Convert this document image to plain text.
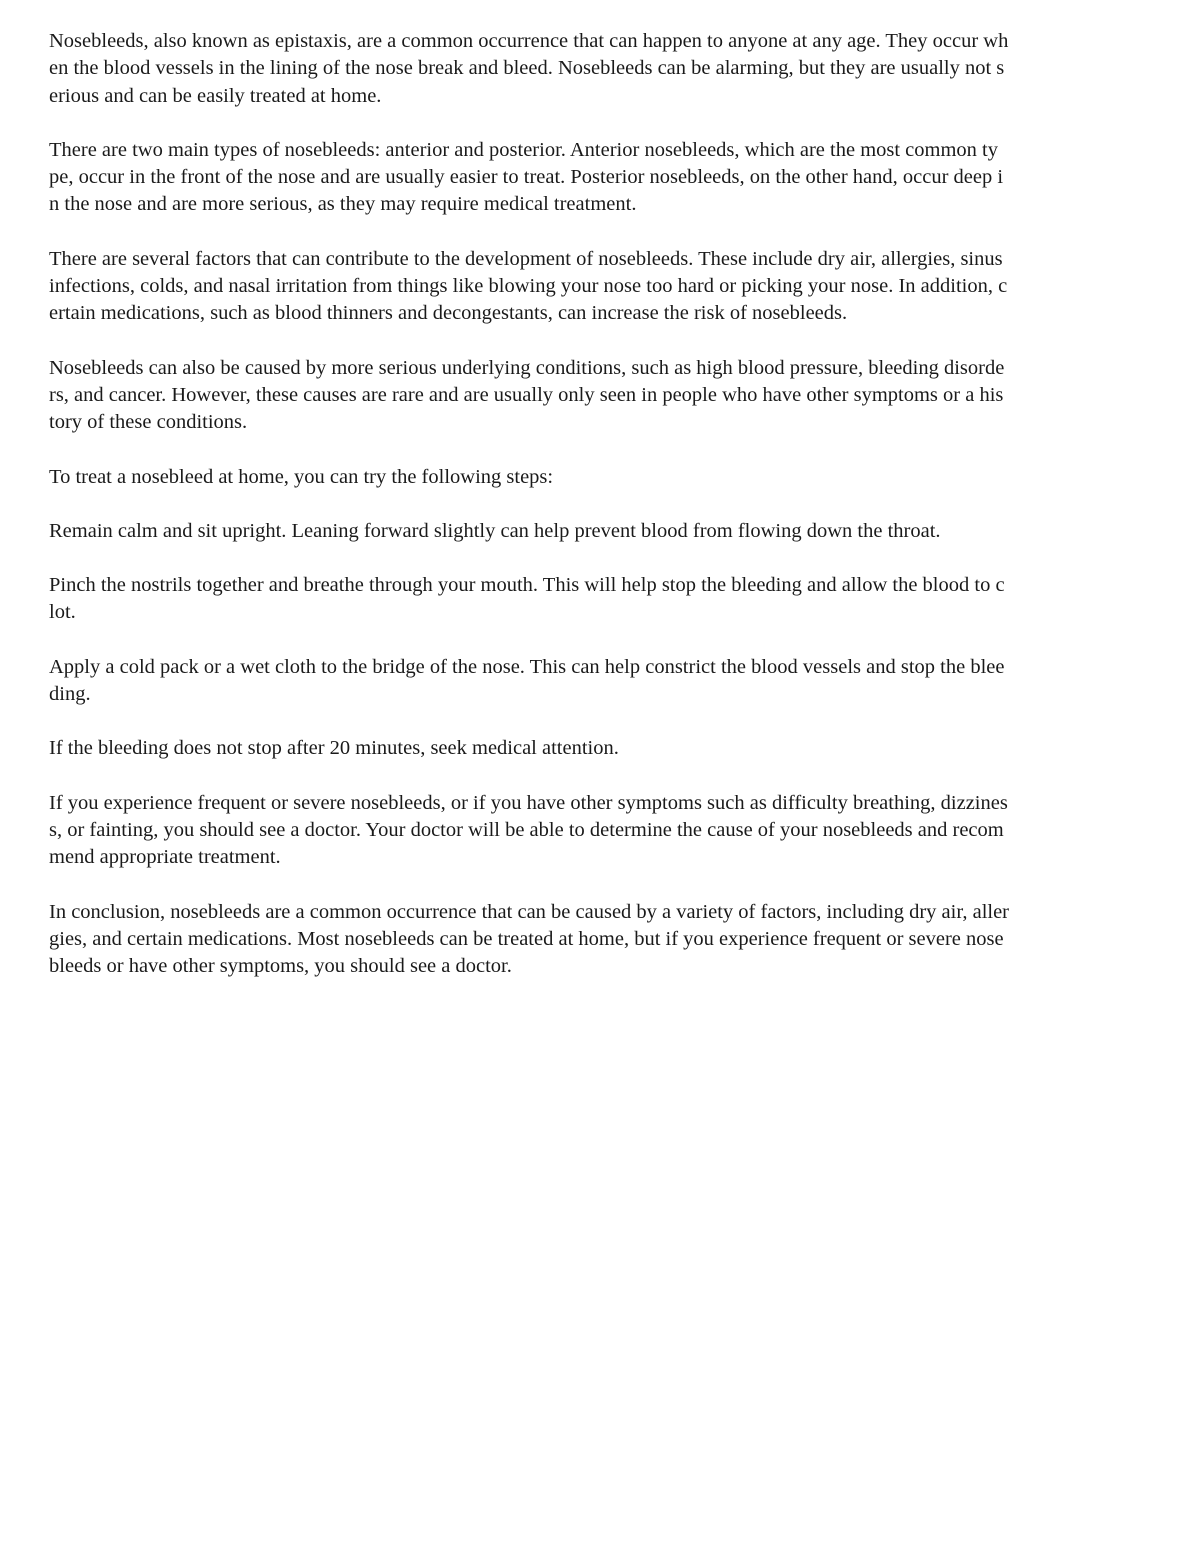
Nosebleeds, also known as epistaxis, are a common occurrence that can happen to anyone at any age. They occur wh
en the blood vessels in the lining of the nose break and bleed. Nosebleeds can be alarming, but they are usually not s
erious and can be easily treated at home.

There are two main types of nosebleeds: anterior and posterior. Anterior nosebleeds, which are the most common ty
pe, occur in the front of the nose and are usually easier to treat. Posterior nosebleeds, on the other hand, occur deep i
n the nose and are more serious, as they may require medical treatment.

There are several factors that can contribute to the development of nosebleeds. These include dry air, allergies, sinus
infections, colds, and nasal irritation from things like blowing your nose too hard or picking your nose. In addition, c
ertain medications, such as blood thinners and decongestants, can increase the risk of nosebleeds.

Nosebleeds can also be caused by more serious underlying conditions, such as high blood pressure, bleeding disorde
rs, and cancer. However, these causes are rare and are usually only seen in people who have other symptoms or a his
tory of these conditions.

To treat a nosebleed at home, you can try the following steps:

Remain calm and sit upright. Leaning forward slightly can help prevent blood from flowing down the throat.

Pinch the nostrils together and breathe through your mouth. This will help stop the bleeding and allow the blood to c
lot.

Apply a cold pack or a wet cloth to the bridge of the nose. This can help constrict the blood vessels and stop the blee
ding.

If the bleeding does not stop after 20 minutes, seek medical attention.

If you experience frequent or severe nosebleeds, or if you have other symptoms such as difficulty breathing, dizzines
s, or fainting, you should see a doctor. Your doctor will be able to determine the cause of your nosebleeds and recom
mend appropriate treatment.

In conclusion, nosebleeds are a common occurrence that can be caused by a variety of factors, including dry air, aller
gies, and certain medications. Most nosebleeds can be treated at home, but if you experience frequent or severe nose
bleeds or have other symptoms, you should see a doctor.
